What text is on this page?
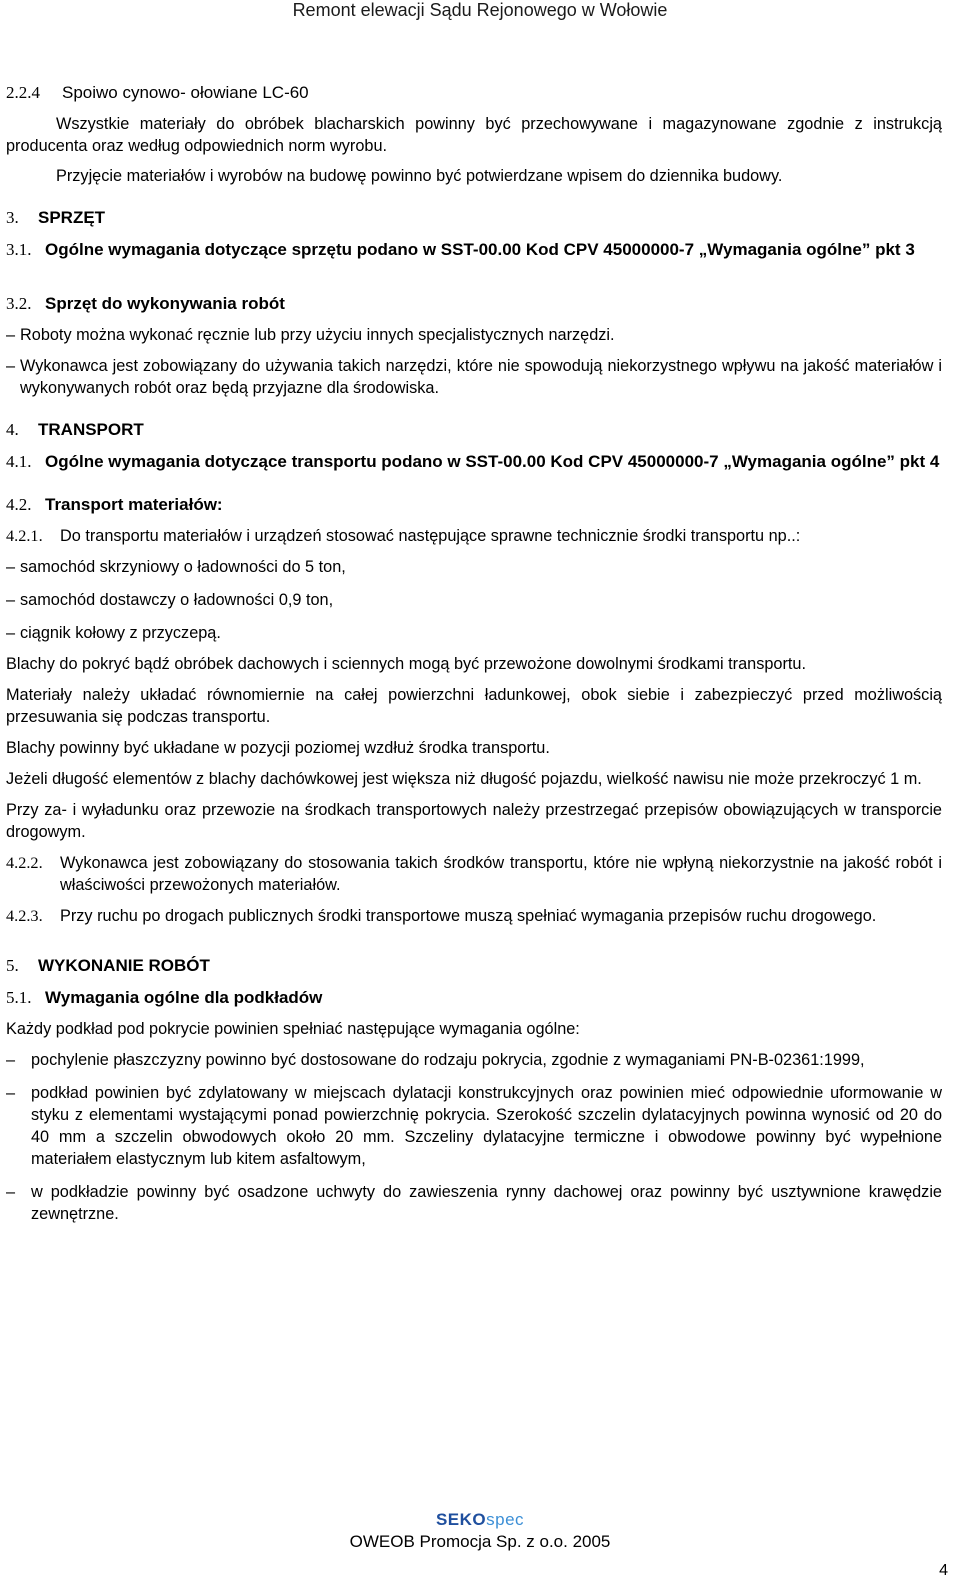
Remont elewacji Sądu Rejonowego w Wołowie
2.2.4	Spoiwo cynowo- ołowiane LC-60
Wszystkie materiały do obróbek blacharskich powinny być przechowywane i magazynowane zgodnie z instrukcją producenta oraz według odpowiednich norm wyrobu.
Przyjęcie materiałów i wyrobów na budowę powinno być potwierdzane wpisem do dziennika budowy.
3.	SPRZĘT
3.1. Ogólne wymagania dotyczące sprzętu podano w SST-00.00 Kod CPV 45000000-7 „Wymagania ogólne” pkt 3
3.2. Sprzęt do wykonywania robót
– Roboty można wykonać ręcznie lub przy użyciu innych specjalistycznych narzędzi.
– Wykonawca jest zobowiązany do używania takich narzędzi, które nie spowodują niekorzystnego wpływu na jakość materiałów i wykonywanych robót oraz będą przyjazne dla środowiska.
4.	TRANSPORT
4.1. Ogólne wymagania dotyczące transportu podano w SST-00.00 Kod CPV 45000000-7 „Wymagania ogólne” pkt 4
4.2. Transport materiałów:
4.2.1.	Do transportu materiałów i urządzeń stosować następujące sprawne technicznie środki transportu np..:
– samochód skrzyniowy o ładowności do 5 ton,
– samochód dostawczy o ładowności 0,9 ton,
– ciągnik kołowy z przyczepą.
Blachy do pokryć bądź obróbek dachowych i sciennych mogą być przewożone dowolnymi środkami transportu.
Materiały należy układać równomiernie na całej powierzchni ładunkowej, obok siebie i zabezpieczyć przed możliwością przesuwania się podczas transportu.
Blachy powinny być układane w pozycji poziomej wzdłuż środka transportu.
Jeżeli długość elementów z blachy dachówkowej jest większa niż długość pojazdu, wielkość nawisu nie może przekroczyć 1 m.
Przy za- i wyładunku oraz przewozie na środkach transportowych należy przestrzegać przepisów obowiązujących w transporcie drogowym.
4.2.2.	Wykonawca jest zobowiązany do stosowania takich środków transportu, które nie wpłyną niekorzystnie na jakość robót i właściwości przewożonych materiałów.
4.2.3.	Przy ruchu po drogach publicznych środki transportowe muszą spełniać wymagania przepisów ruchu drogowego.
5.	WYKONANIE ROBÓT
5.1. Wymagania ogólne dla podkładów
Każdy podkład pod pokrycie powinien spełniać następujące wymagania ogólne:
– pochylenie płaszczyzny powinno być dostosowane do rodzaju pokrycia, zgodnie z wymaganiami PN-B-02361:1999,
– podkład powinien być zdylatowany w miejscach dylatacji konstrukcyjnych oraz powinien mieć odpowiednie uformowanie w styku z elementami wystającymi ponad powierzchnię pokrycia. Szerokość szczelin dylatacyjnych powinna wynosić od 20 do 40 mm a szczelin obwodowych około 20 mm. Szczeliny dylatacyjne termiczne i obwodowe powinny być wypełnione materiałem elastycznym lub kitem asfaltowym,
– w podkładzie powinny być osadzone uchwyty do zawieszenia rynny dachowej oraz powinny być usztywnione krawędzie zewnętrzne.
SEKOspec
OWEOB Promocja Sp. z o.o. 2005
4
